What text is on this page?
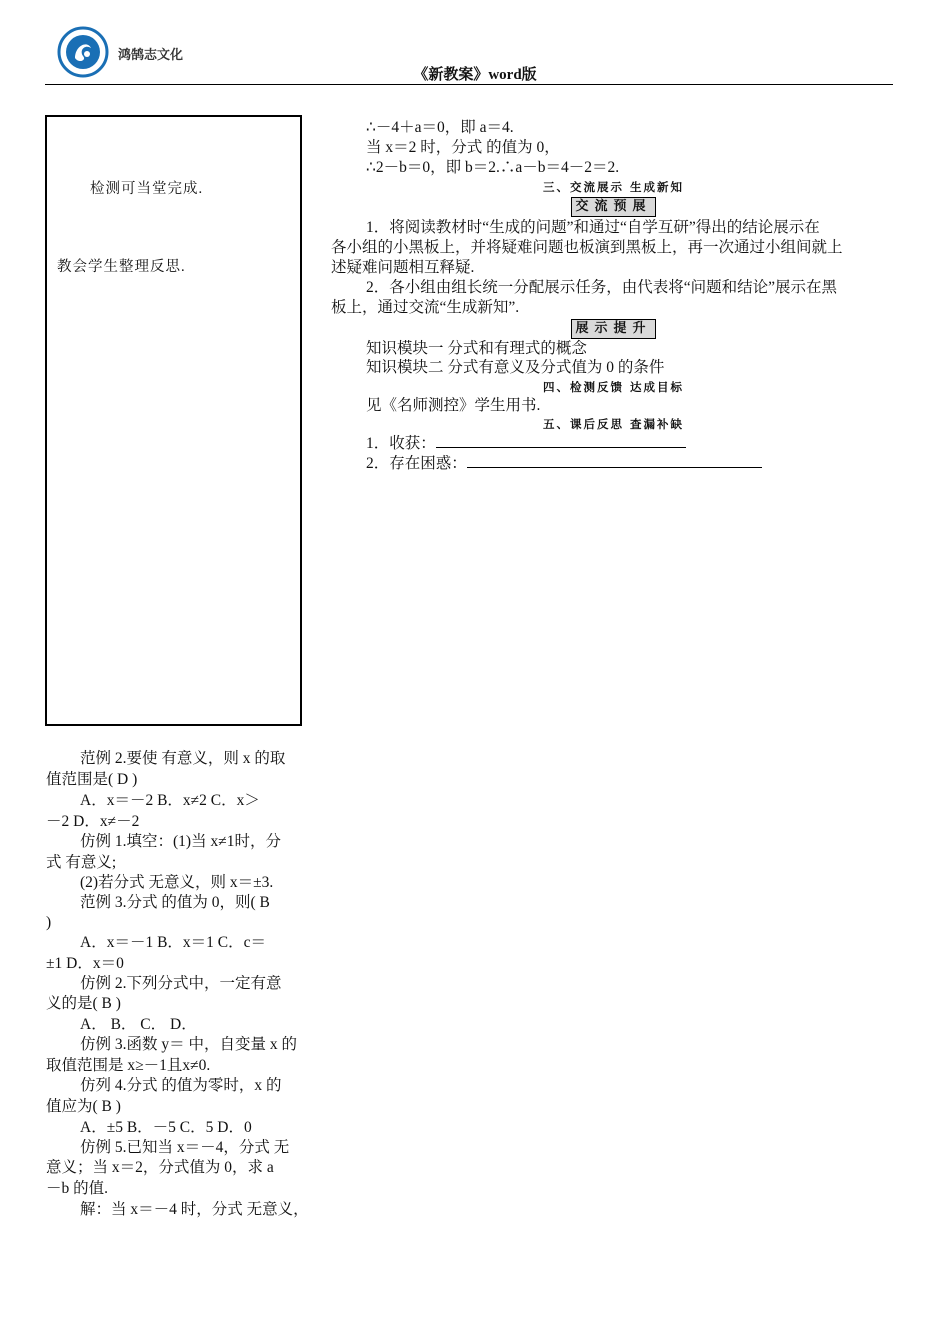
鸿鹄志文化
《新教案》word版
检测可当堂完成.
教会学生整理反思.
范例 2.要使 有意义，则 x 的取
值范围是( D )
A．x＝－2 B．x≠2 C．x＞
－2 D．x≠－2
仿例 1.填空：(1)当 x≠1时，分
式 有意义;
(2)若分式 无意义，则 x＝±3.
范例 3.分式 的值为 0，则( B
)
A．x＝－1 B．x＝1 C．c＝
±1 D．x＝0
仿例 2.下列分式中，一定有意
义的是( B )
A． B． C． D．
仿例 3.函数 y＝ 中，自变量 x 的
取值范围是 x≥－1且x≠0.
仿列 4.分式 的值为零时，x 的
值应为( B )
A．±5 B．－5 C．5 D．0
仿例 5.已知当 x＝－4，分式 无
意义；当 x＝2，分式值为 0，求 a
－b 的值.
解：当 x＝－4 时，分式 无意义，
∴－4＋a＝0，即 a＝4.
当 x＝2 时，分式 的值为 0，
∴2－b＝0，即 b＝2.∴a－b＝4－2＝2.
三、交流展示 生成新知
交流预展
1．将阅读教材时“生成的问题”和通过“自学互研”得出的结论展示在
各小组的小黑板上，并将疑难问题也板演到黑板上，再一次通过小组间就上
述疑难问题相互释疑.
2．各小组由组长统一分配展示任务，由代表将“问题和结论”展示在黑
板上，通过交流“生成新知”.
展示提升
知识模块一 分式和有理式的概念
知识模块二 分式有意义及分式值为 0 的条件
四、检测反馈 达成目标
见《名师测控》学生用书.
五、课后反思 查漏补缺
1．收获：
2．存在困惑：
